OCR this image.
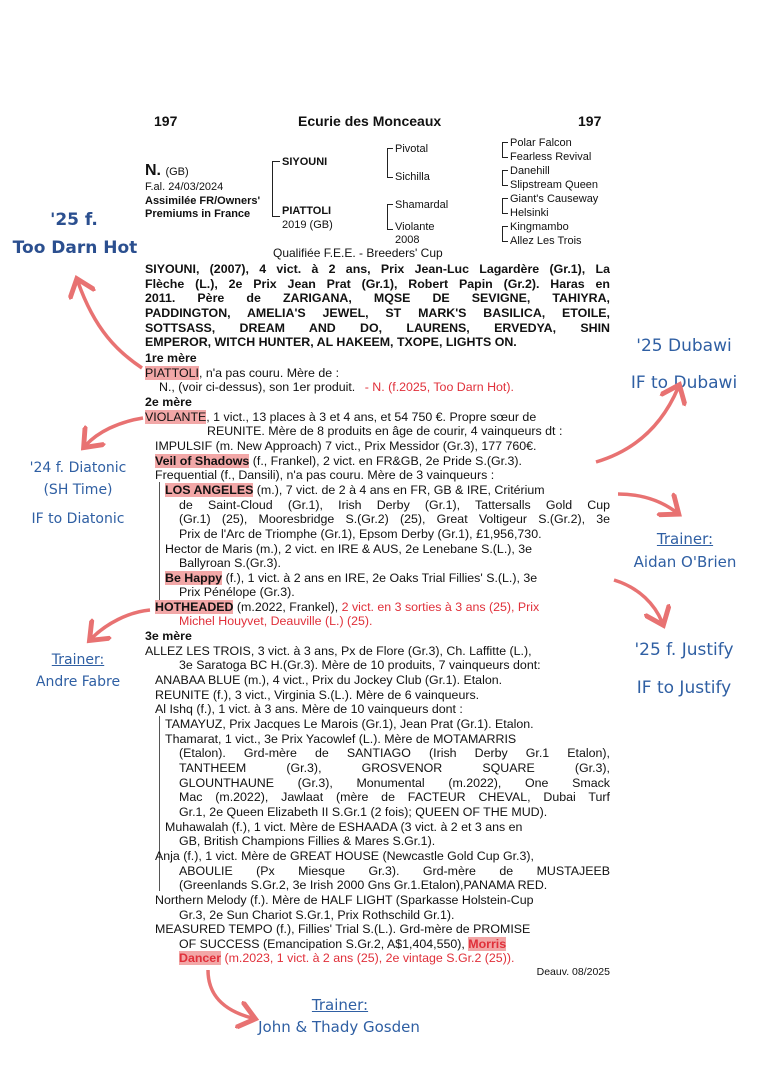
197	Ecurie des Monceaux	197
N. (GB)
F.al. 24/03/2024
Assimilée FR/Owners'
Premiums in France
SIYOUNI
PIATTOLI
2019 (GB)
Pivotal
Sichilla
Shamardal
Violante
2008
Polar Falcon
Fearless Revival
Danehill
Slipstream Queen
Giant's Causeway
Helsinki
Kingmambo
Allez Les Trois
Qualifiée F.E.E. - Breeders' Cup
SIYOUNI, (2007), 4 vict. à 2 ans, Prix Jean-Luc Lagardère (Gr.1), La
Flèche (L.), 2e Prix Jean Prat (Gr.1), Robert Papin (Gr.2). Haras en
2011. Père de ZARIGANA, MQSE DE SEVIGNE, TAHIYRA,
PADDINGTON, AMELIA'S JEWEL, ST MARK'S BASILICA, ETOILE,
SOTTSASS, DREAM AND DO, LAURENS, ERVEDYA, SHIN
EMPEROR, WITCH HUNTER, AL HAKEEM, TXOPE, LIGHTS ON.
1re mère
PIATTOLI, n'a pas couru. Mère de :
N., (voir ci-dessus), son 1er produit. - N. (f.2025, Too Darn Hot).
2e mère
VIOLANTE, 1 vict., 13 places à 3 et 4 ans, et 54 750 €. Propre sœur de
REUNITE. Mère de 8 produits en âge de courir, 4 vainqueurs dt :
IMPULSIF (m. New Approach) 7 vict., Prix Messidor (Gr.3), 177 760€.
Veil of Shadows (f., Frankel), 2 vict. en FR&GB, 2e Pride S.(Gr.3).
Frequential (f., Dansili), n'a pas couru. Mère de 3 vainqueurs :
LOS ANGELES (m.), 7 vict. de 2 à 4 ans en FR, GB & IRE, Critérium
de Saint-Cloud (Gr.1), Irish Derby (Gr.1), Tattersalls Gold Cup
(Gr.1) (25), Mooresbridge S.(Gr.2) (25), Great Voltigeur S.(Gr.2), 3e
Prix de l'Arc de Triomphe (Gr.1), Epsom Derby (Gr.1), £1,956,730.
Hector de Maris (m.), 2 vict. en IRE & AUS, 2e Lenebane S.(L.), 3e
Ballyroan S.(Gr.3).
Be Happy (f.), 1 vict. à 2 ans en IRE, 2e Oaks Trial Fillies' S.(L.), 3e
Prix Pénélope (Gr.3).
HOTHEADED (m.2022, Frankel), 2 vict. en 3 sorties à 3 ans (25), Prix
Michel Houyvet, Deauville (L.) (25).
3e mère
ALLEZ LES TROIS, 3 vict. à 3 ans, Px de Flore (Gr.3), Ch. Laffitte (L.),
3e Saratoga BC H.(Gr.3). Mère de 10 produits, 7 vainqueurs dont:
ANABAA BLUE (m.), 4 vict., Prix du Jockey Club (Gr.1). Etalon.
REUNITE (f.), 3 vict., Virginia S.(L.). Mère de 6 vainqueurs.
Al Ishq (f.), 1 vict. à 3 ans. Mère de 10 vainqueurs dont :
TAMAYUZ, Prix Jacques Le Marois (Gr.1), Jean Prat (Gr.1). Etalon.
Thamarat, 1 vict., 3e Prix Yacowlef (L.). Mère de MOTAMARRIS
(Etalon). Grd-mère de SANTIAGO (Irish Derby Gr.1 Etalon),
TANTHEEM (Gr.3), GROSVENOR SQUARE (Gr.3),
GLOUNTHAUNE (Gr.3), Monumental (m.2022), One Smack
Mac (m.2022), Jawlaat (mère de FACTEUR CHEVAL, Dubai Turf
Gr.1, 2e Queen Elizabeth II S.Gr.1 (2 fois); QUEEN OF THE MUD).
Muhawalah (f.), 1 vict. Mère de ESHAADA (3 vict. à 2 et 3 ans en
GB, British Champions Fillies & Mares S.Gr.1).
Anja (f.), 1 vict. Mère de GREAT HOUSE (Newcastle Gold Cup Gr.3),
ABOULIE (Px Miesque Gr.3). Grd-mère de MUSTAJEEB
(Greenlands S.Gr.2, 3e Irish 2000 Gns Gr.1.Etalon),PANAMA RED.
Northern Melody (f.). Mère de HALF LIGHT (Sparkasse Holstein-Cup
Gr.3, 2e Sun Chariot S.Gr.1, Prix Rothschild Gr.1).
MEASURED TEMPO (f.), Fillies' Trial S.(L.). Grd-mère de PROMISE
OF SUCCESS (Emancipation S.Gr.2, A$1,404,550), Morris
Dancer (m.2023, 1 vict. à 2 ans (25), 2e vintage S.Gr.2 (25)).
Deauv. 08/2025
'25 f.
Too Darn Hot
'25 Dubawi
IF to Dubawi
'24 f. Diatonic
(SH Time)
IF to Diatonic
Trainer:
Aidan O'Brien
Trainer:
Andre Fabre
'25 f. Justify
IF to Justify
Trainer:
John & Thady Gosden
